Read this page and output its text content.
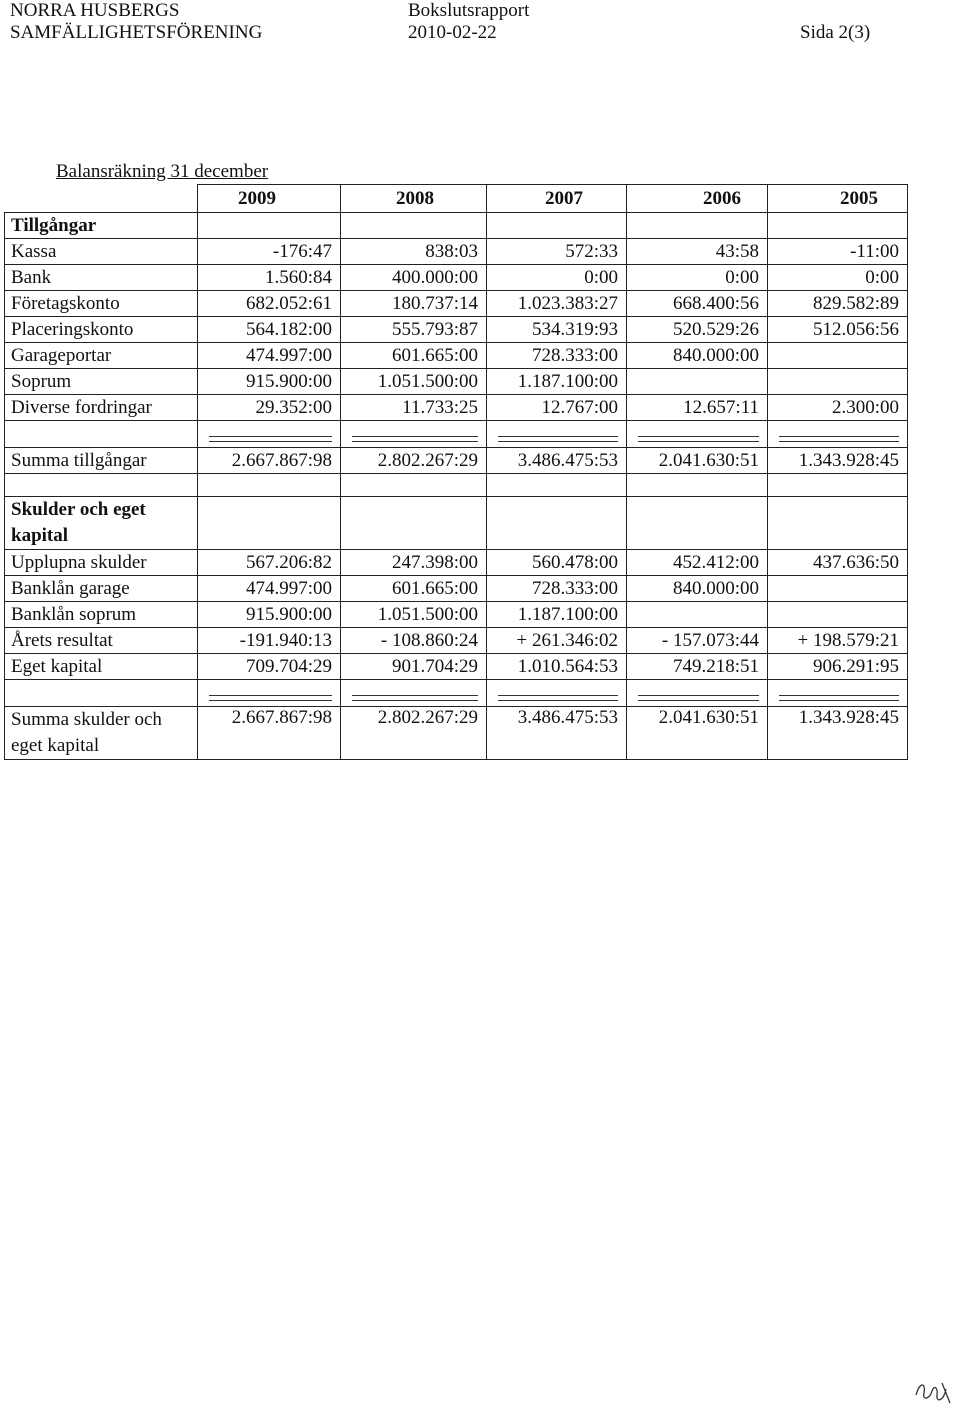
NORRA HUSBERGS
SAMFÄLLIGHETSFÖRENING
Bokslutsrapport
2010-02-22	Sida 2(3)
Balansräkning 31 december
	2009	2008	2007	2006	2005
Tillgångar					
Kassa	-176:47	838:03	572:33	43:58	-11:00
Bank	1.560:84	400.000:00	0:00	0:00	0:00
Företagskonto	682.052:61	180.737:14	1.023.383:27	668.400:56	829.582:89
Placeringskonto	564.182:00	555.793:87	534.319:93	520.529:26	512.056:56
Garageportar	474.997:00	601.665:00	728.333:00	840.000:00	
Soprum	915.900:00	1.051.500:00	1.187.100:00		
Diverse fordringar	29.352:00	11.733:25	12.767:00	12.657:11	2.300:00

Summa tillgångar	2.667.867:98	2.802.267:29	3.486.475:53	2.041.630:51	1.343.928:45

Skulder och eget kapital					
Upplupna skulder	567.206:82	247.398:00	560.478:00	452.412:00	437.636:50
Banklån garage	474.997:00	601.665:00	728.333:00	840.000:00	
Banklån soprum	915.900:00	1.051.500:00	1.187.100:00		
Årets resultat	-191.940:13	- 108.860:24	+ 261.346:02	- 157.073:44	+ 198.579:21
Eget kapital	709.704:29	901.704:29	1.010.564:53	749.218:51	906.291:95

Summa skulder och eget kapital	2.667.867:98	2.802.267:29	3.486.475:53	2.041.630:51	1.343.928:45
